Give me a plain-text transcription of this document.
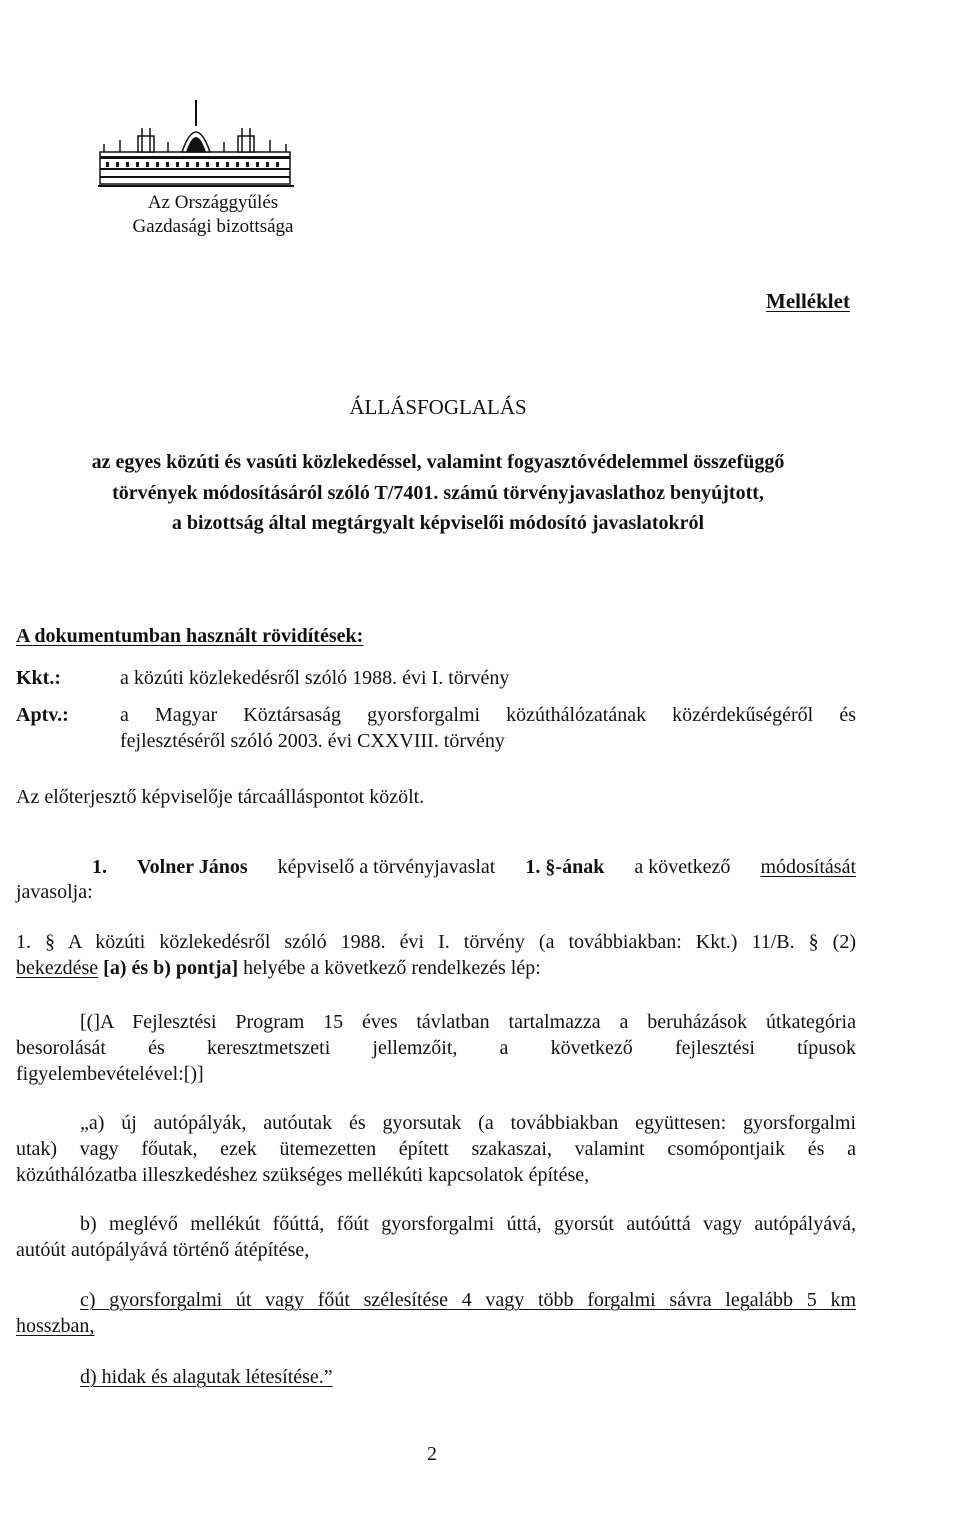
Az Országgyűlés
Gazdasági bizottsága
Melléklet
ÁLLÁSFOGLALÁS
az egyes közúti és vasúti közlekedéssel, valamint fogyasztóvédelemmel összefüggő
törvények módosításáról szóló T/7401. számú törvényjavaslathoz benyújtott,
a bizottság által megtárgyalt képviselői módosító javaslatokról
A dokumentumban használt rövidítések:
Kkt.:	a közúti közlekedésről szóló 1988. évi I. törvény
Aptv.:	a Magyar Köztársaság gyorsforgalmi közúthálózatának közérdekűségéről és
fejlesztéséről szóló 2003. évi CXXVIII. törvény
Az előterjesztő képviselője tárcaálláspontot közölt.
1. Volner János képviselő a törvényjavaslat 1. §-ának a következő módosítását
javasolja:
1. § A közúti közlekedésről szóló 1988. évi I. törvény (a továbbiakban: Kkt.) 11/B. § (2)
bekezdése [a) és b) pontja] helyébe a következő rendelkezés lép:
[(]A Fejlesztési Program 15 éves távlatban tartalmazza a beruházások útkategória
besorolását és keresztmetszeti jellemzőit, a következő fejlesztési típusok
figyelembevételével:[)]
„a) új autópályák, autóutak és gyorsutak (a továbbiakban együttesen: gyorsforgalmi
utak) vagy főutak, ezek ütemezetten épített szakaszai, valamint csomópontjaik és a
közúthálózatba illeszkedéshez szükséges mellékúti kapcsolatok építése,
b) meglévő mellékút főúttá, főút gyorsforgalmi úttá, gyorsút autóúttá vagy autópályává,
autóút autópályává történő átépítése,
c) gyorsforgalmi út vagy főút szélesítése 4 vagy több forgalmi sávra legalább 5 km
hosszban,
d) hidak és alagutak létesítése.”
2
